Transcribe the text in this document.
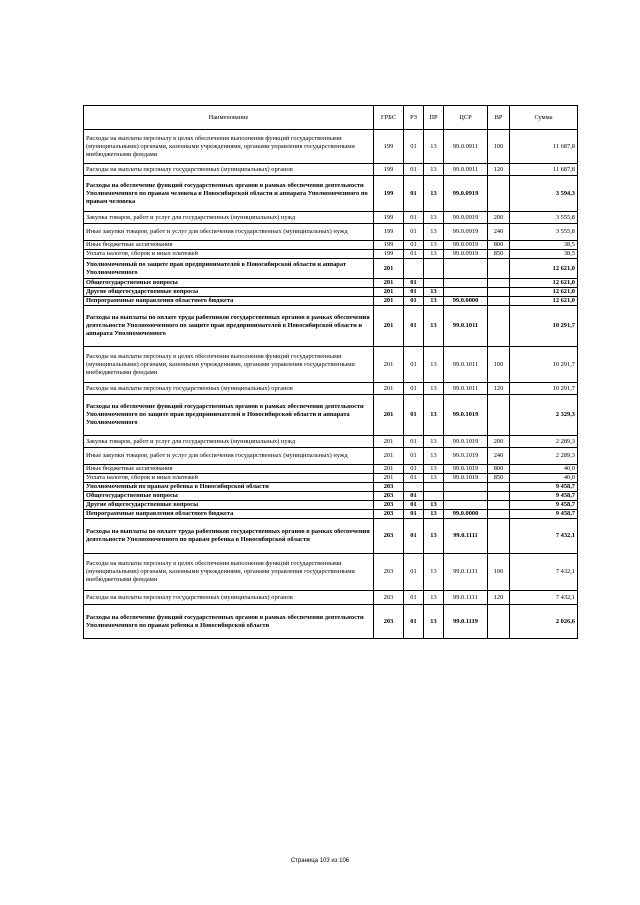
Наименование	ГРБС	РЗ	ПР	ЦСР	ВР	Сумма
Расходы на выплаты персоналу в целях обеспечения выполнения функций государственными (муниципальными) органами, казенными учреждениями, органами управления государственными внебюджетными фондами	199	01	13	99.0.0911	100	11 687,8
Расходы на выплаты персоналу государственных (муниципальных) органов	199	01	13	99.0.0911	120	11 687,8
Расходы на обеспечение функций государственных органов в рамках обеспечения деятельности Уполномоченного по правам человека в Новосибирской области и аппарата Уполномоченного по правам человека	199	01	13	99.0.0919		3 594,3
Закупка товаров, работ и услуг для государственных (муниципальных) нужд	199	01	13	99.0.0919	200	3 555,8
Иные закупки товаров, работ и услуг для обеспечения государственных (муниципальных) нужд	199	01	13	99.0.0919	240	3 555,8
Иные бюджетные ассигнования	199	01	13	99.0.0919	800	38,5
Уплата налогов, сборов и иных платежей	199	01	13	99.0.0919	850	38,5
Уполномоченный по защите прав предпринимателей в Новосибирской области и аппарат Уполномоченного	201					12 621,0
Общегосударственные вопросы	201	01				12 621,0
Другие общегосударственные вопросы	201	01	13			12 621,0
Непрограммные направления областного бюджета	201	01	13	99.0.0000		12 621,0
Расходы на выплаты по оплате труда работников государственных органов в рамках обеспечения деятельности Уполномоченного по защите прав предпринимателей в Новосибирской области и аппарата Уполномоченного	201	01	13	99.0.1011		10 291,7
Расходы на выплаты персоналу в целях обеспечения выполнения функций государственными (муниципальными) органами, казенными учреждениями, органами управления государственными внебюджетными фондами	201	01	13	99.0.1011	100	10 291,7
Расходы на выплаты персоналу государственных (муниципальных) органов	201	01	13	99.0.1011	120	10 291,7
Расходы на обеспечение функций государственных органов в рамках обеспечения деятельности Уполномоченного по защите прав предпринимателей в Новосибирской области и аппарата Уполномоченного	201	01	13	99.0.1019		2 329,3
Закупка товаров, работ и услуг для государственных (муниципальных) нужд	201	01	13	99.0.1019	200	2 289,3
Иные закупки товаров, работ и услуг для обеспечения государственных (муниципальных) нужд	201	01	13	99.0.1019	240	2 289,3
Иные бюджетные ассигнования	201	01	13	99.0.1019	800	40,0
Уплата налогов, сборов и иных платежей	201	01	13	99.0.1019	850	40,0
Уполномоченный по правам ребенка в Новосибирской области	203					9 458,7
Общегосударственные вопросы	203	01				9 458,7
Другие общегосударственные вопросы	203	01	13			9 458,7
Непрограммные направления областного бюджета	203	01	13	99.0.0000		9 458,7
Расходы на выплаты по оплате труда работников государственных органов в рамках обеспечения деятельности Уполномоченного по правам ребенка в Новосибирской области	203	01	13	99.0.1111		7 432,1
Расходы на выплаты персоналу в целях обеспечения выполнения функций государственными (муниципальными) органами, казенными учреждениями, органами управления государственными внебюджетными фондами	203	01	13	99.0.1111	100	7 432,1
Расходы на выплаты персоналу государственных (муниципальных) органов	203	01	13	99.0.1111	120	7 432,1
Расходы на обеспечение функций государственных органов в рамках обеспечения деятельности Уполномоченного по правам ребенка в Новосибирской области	203	01	13	99.0.1119		2 026,6
Страница 103 из 106
